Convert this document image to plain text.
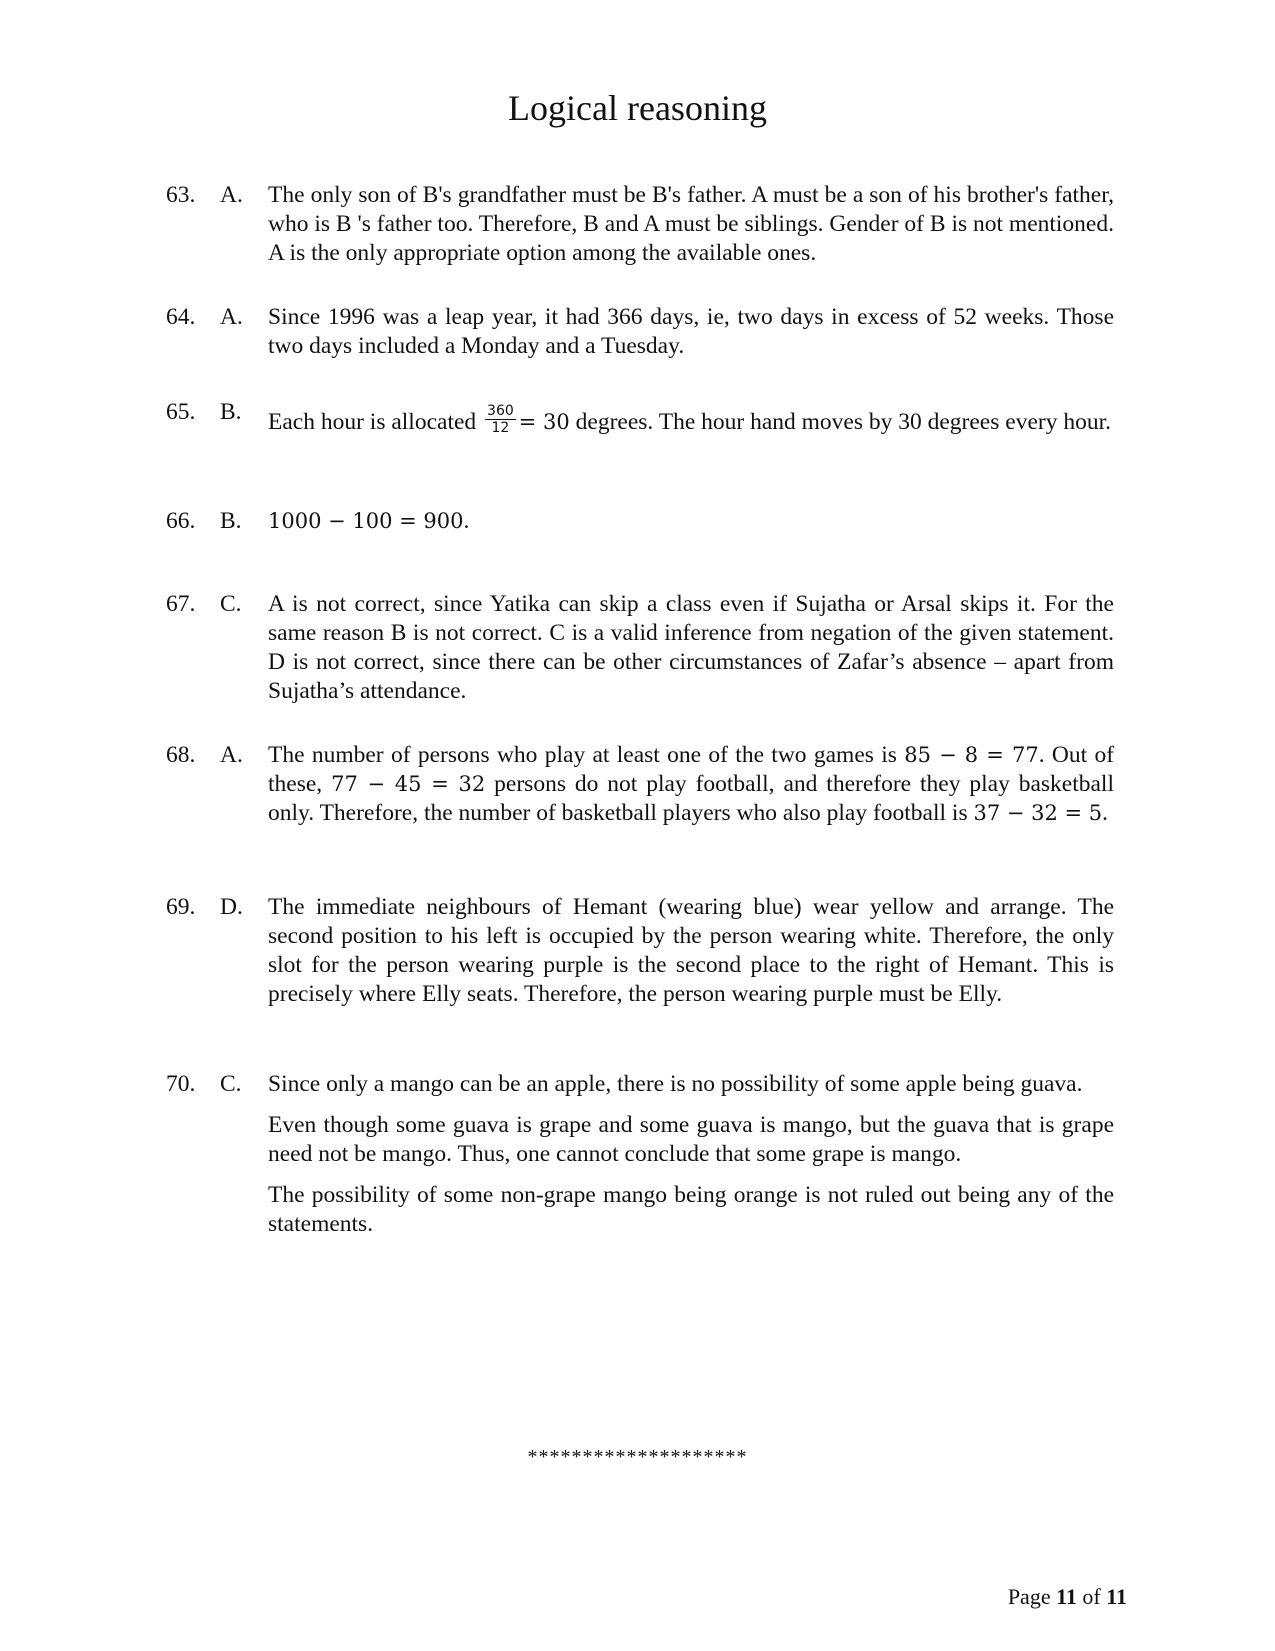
Logical reasoning
63. A. The only son of B's grandfather must be B's father. A must be a son of his brother's father, who is B 's father too. Therefore, B and A must be siblings. Gender of B is not mentioned. A is the only appropriate option among the available ones.
64. A. Since 1996 was a leap year, it had 366 days, ie, two days in excess of 52 weeks. Those two days included a Monday and a Tuesday.
65. B. Each hour is allocated $\frac{360}{12} = 30$ degrees. The hour hand moves by 30 degrees every hour.
66. B. 1000 − 100 = 900.
67. C. A is not correct, since Yatika can skip a class even if Sujatha or Arsal skips it. For the same reason B is not correct. C is a valid inference from negation of the given statement. D is not correct, since there can be other circumstances of Zafar’s absence – apart from Sujatha’s attendance.
68. A. The number of persons who play at least one of the two games is 85 − 8 = 77. Out of these, 77 − 45 = 32 persons do not play football, and therefore they play basketball only. Therefore, the number of basketball players who also play football is 37 − 32 = 5.
69. D. The immediate neighbours of Hemant (wearing blue) wear yellow and arrange. The second position to his left is occupied by the person wearing white. Therefore, the only slot for the person wearing purple is the second place to the right of Hemant. This is precisely where Elly seats. Therefore, the person wearing purple must be Elly.
70. C. Since only a mango can be an apple, there is no possibility of some apple being guava.

Even though some guava is grape and some guava is mango, but the guava that is grape need not be mango. Thus, one cannot conclude that some grape is mango.

The possibility of some non-grape mango being orange is not ruled out being any of the statements.

********************
Page 11 of 11
